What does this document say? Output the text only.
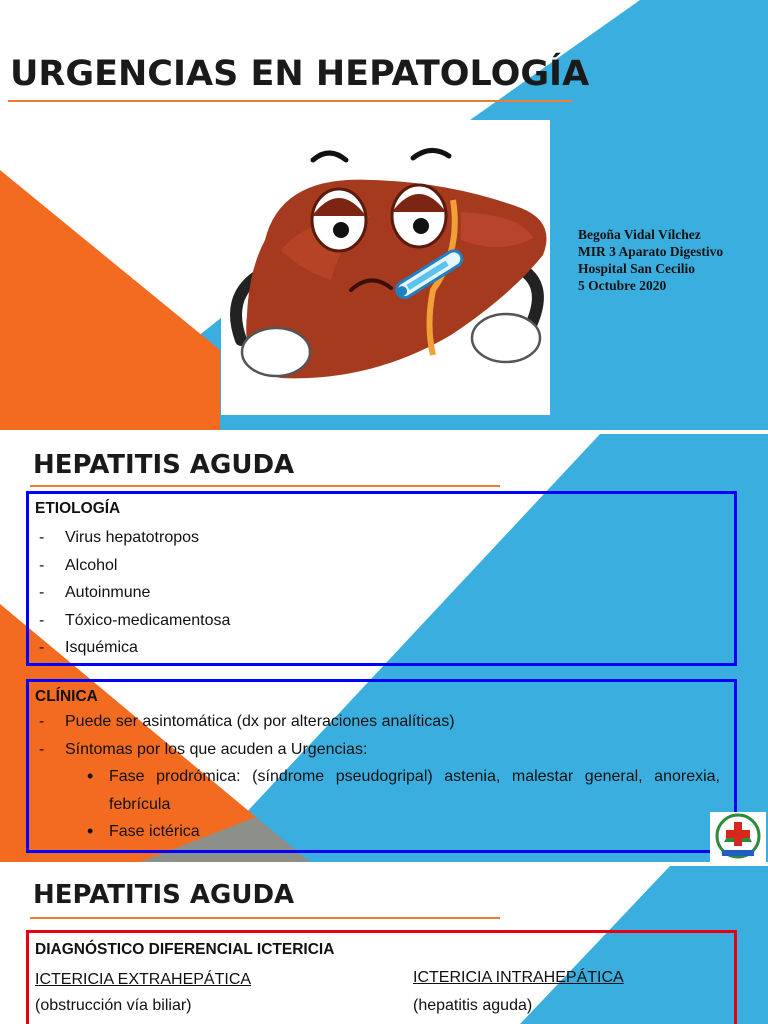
URGENCIAS EN HEPATOLOGÍA
Begoña Vidal Vílchez
MIR 3 Aparato Digestivo
Hospital San Cecilio
5 Octubre 2020
HEPATITIS AGUDA
ETIOLOGÍA
- Virus hepatotropos
- Alcohol
- Autoinmune
- Tóxico-medicamentosa
- Isquémica
CLÍNICA
- Puede ser asintomática (dx por alteraciones analíticas)
- Síntomas por los que acuden a Urgencias:
• Fase prodrómica: (síndrome pseudogripal) astenia, malestar general, anorexia, febrícula
• Fase ictérica
HEPATITIS AGUDA
DIAGNÓSTICO DIFERENCIAL ICTERICIA
ICTERICIA EXTRAHEPÁTICA
(obstrucción vía biliar)
ICTERICIA INTRAHEPÁTICA
(hepatitis aguda)
